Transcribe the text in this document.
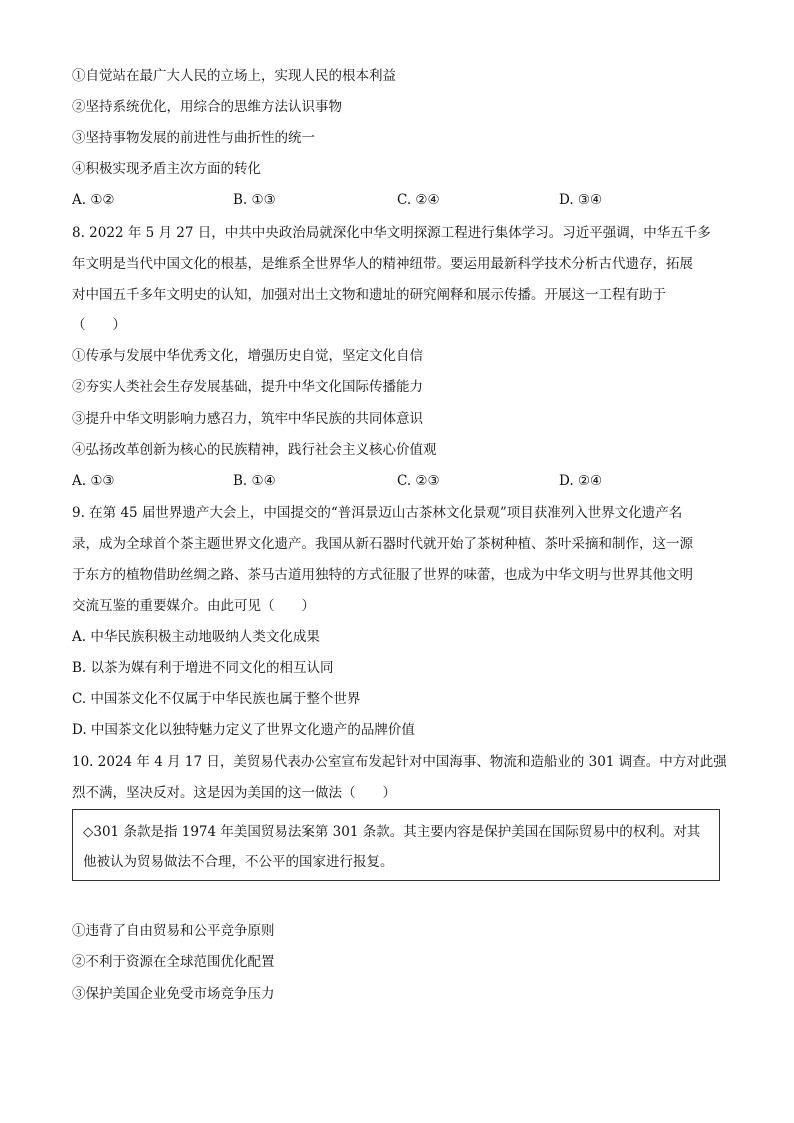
①自觉站在最广大人民的立场上，实现人民的根本利益
②坚持系统优化，用综合的思维方法认识事物
③坚持事物发展的前进性与曲折性的统一
④积极实现矛盾主次方面的转化
A. ①②	B. ①③	C. ②④	D. ③④
8. 2022 年 5 月 27 日，中共中央政治局就深化中华文明探源工程进行集体学习。习近平强调，中华五千多
年文明是当代中国文化的根基，是维系全世界华人的精神纽带。要运用最新科学技术分析古代遗存，拓展
对中国五千多年文明史的认知，加强对出土文物和遗址的研究阐释和展示传播。开展这一工程有助于
（　　）
①传承与发展中华优秀文化，增强历史自觉，坚定文化自信
②夯实人类社会生存发展基础，提升中华文化国际传播能力
③提升中华文明影响力感召力，筑牢中华民族的共同体意识
④弘扬改革创新为核心的民族精神，践行社会主义核心价值观
A. ①③	B. ①④	C. ②③	D. ②④
9. 在第 45 届世界遗产大会上，中国提交的“普洱景迈山古茶林文化景观”项目获准列入世界文化遗产名
录，成为全球首个茶主题世界文化遗产。我国从新石器时代就开始了茶树种植、茶叶采摘和制作，这一源
于东方的植物借助丝绸之路、茶马古道用独特的方式征服了世界的味蕾，也成为中华文明与世界其他文明
交流互鉴的重要媒介。由此可见（　　）
A. 中华民族积极主动地吸纳人类文化成果
B. 以茶为媒有利于增进不同文化的相互认同
C. 中国茶文化不仅属于中华民族也属于整个世界
D. 中国茶文化以独特魅力定义了世界文化遗产的品牌价值
10. 2024 年 4 月 17 日，美贸易代表办公室宣布发起针对中国海事、物流和造船业的 301 调查。中方对此强
烈不满，坚决反对。这是因为美国的这一做法（　　）
◇301 条款是指 1974 年美国贸易法案第 301 条款。其主要内容是保护美国在国际贸易中的权利。对其
他被认为贸易做法不合理，不公平的国家进行报复。
①违背了自由贸易和公平竞争原则
②不利于资源在全球范围优化配置
③保护美国企业免受市场竞争压力
